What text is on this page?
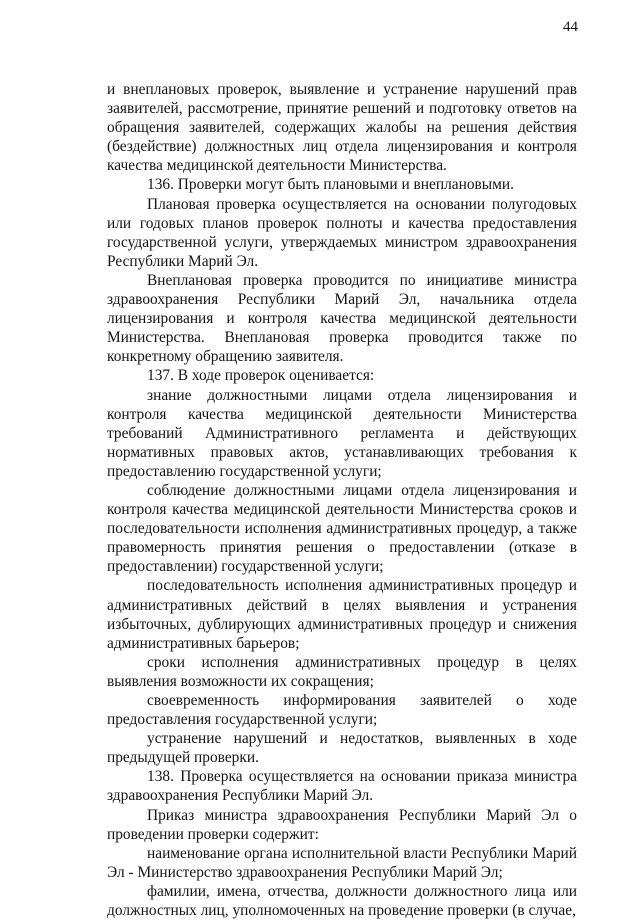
44

и внеплановых проверок, выявление и устранение нарушений прав заявителей, рассмотрение, принятие решений и подготовку ответов на обращения заявителей, содержащих жалобы на решения действия (бездействие) должностных лиц отдела лицензирования и контроля качества медицинской деятельности Министерства.

136. Проверки могут быть плановыми и внеплановыми.

Плановая проверка осуществляется на основании полугодовых или годовых планов проверок полноты и качества предоставления государственной услуги, утверждаемых министром здравоохранения Республики Марий Эл.

Внеплановая проверка проводится по инициативе министра здравоохранения Республики Марий Эл, начальника отдела лицензирования и контроля качества медицинской деятельности Министерства. Внеплановая проверка проводится также по конкретному обращению заявителя.

137. В ходе проверок оценивается:

знание должностными лицами отдела лицензирования и контроля качества медицинской деятельности Министерства требований Административного регламента и действующих нормативных правовых актов, устанавливающих требования к предоставлению государственной услуги;

соблюдение должностными лицами отдела лицензирования и контроля качества медицинской деятельности Министерства сроков и последовательности исполнения административных процедур, а также правомерность принятия решения о предоставлении (отказе в предоставлении) государственной услуги;

последовательность исполнения административных процедур и административных действий в целях выявления и устранения избыточных, дублирующих административных процедур и снижения административных барьеров;

сроки исполнения административных процедур в целях выявления возможности их сокращения;

своевременность информирования заявителей о ходе предоставления государственной услуги;

устранение нарушений и недостатков, выявленных в ходе предыдущей проверки.

138. Проверка осуществляется на основании приказа министра здравоохранения Республики Марий Эл.

Приказ министра здравоохранения Республики Марий Эл о проведении проверки содержит:

наименование органа исполнительной власти Республики Марий Эл - Министерство здравоохранения Республики Марий Эл;

фамилии, имена, отчества, должности должностного лица или должностных лиц, уполномоченных на проведение проверки (в случае,
